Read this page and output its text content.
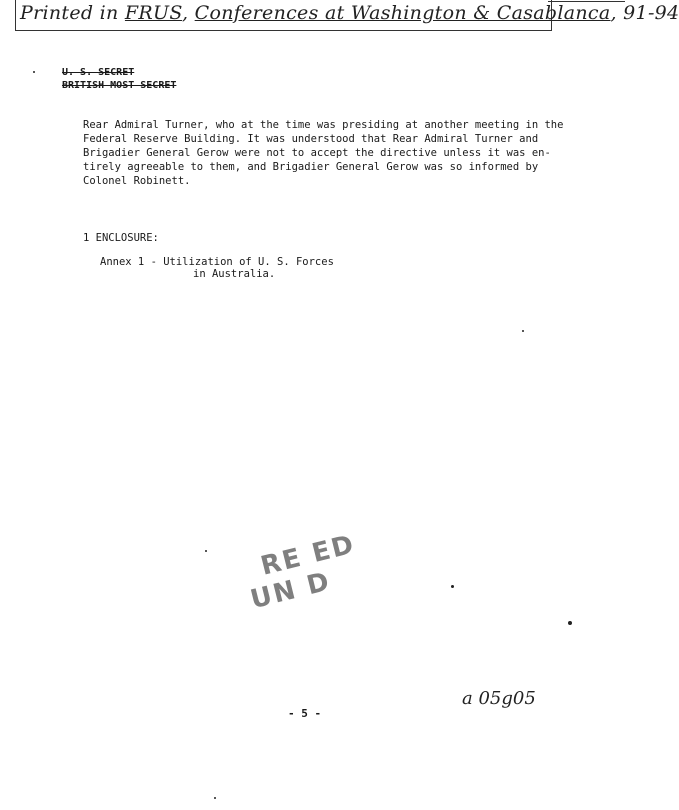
Printed in FRUS, Conferences at Washington & Casablanca, 91-94
U. S. SECRET
BRITISH MOST SECRET
Rear Admiral Turner, who at the time was presiding at another meeting in the
Federal Reserve Building. It was understood that Rear Admiral Turner and
Brigadier General Gerow were not to accept the directive unless it was en-
tirely agreeable to them, and Brigadier General Gerow was so informed by
Colonel Robinett.
1 ENCLOSURE:
Annex 1 - Utilization of U. S. Forces
in Australia.
RE ED
UN D
- 5 -
a 05g05
